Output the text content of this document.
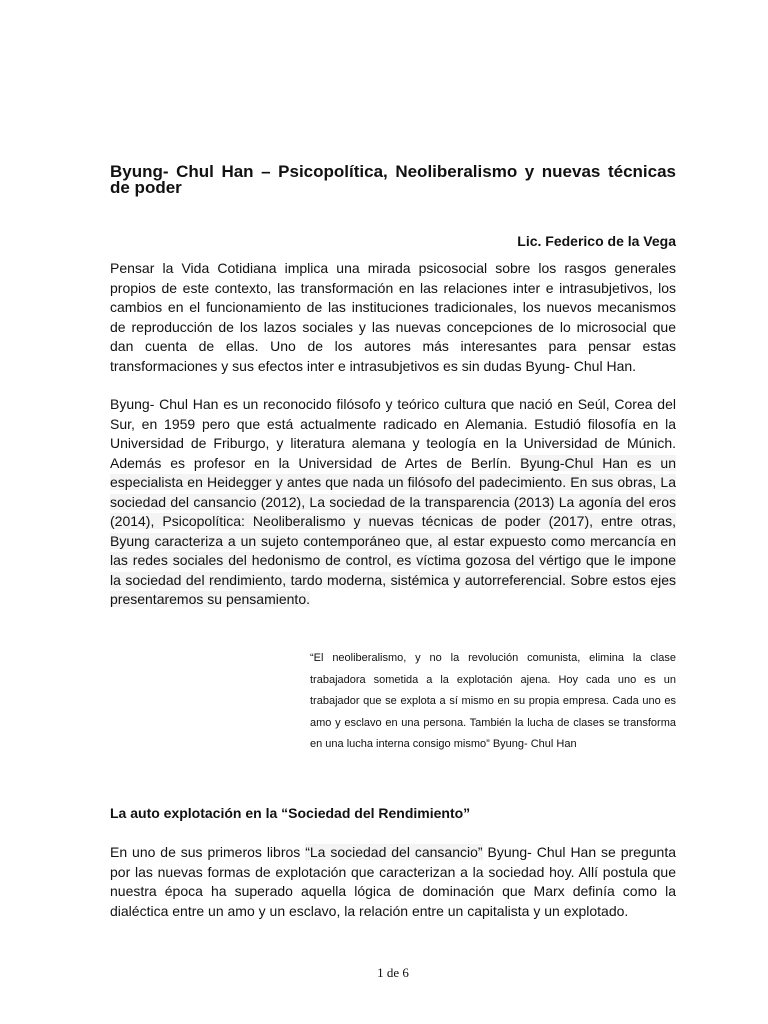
Byung- Chul Han – Psicopolítica, Neoliberalismo y nuevas técnicas de poder
Lic. Federico de la Vega

Pensar la Vida Cotidiana implica una mirada psicosocial sobre los rasgos generales propios de este contexto, las transformación en las relaciones inter e intrasubjetivos, los cambios en el funcionamiento de las instituciones tradicionales, los nuevos mecanismos de reproducción de los lazos sociales y las nuevas concepciones de lo microsocial que dan cuenta de ellas. Uno de los autores más interesantes para pensar estas transformaciones y sus efectos inter e intrasubjetivos es sin dudas Byung- Chul Han.

Byung- Chul Han es un reconocido filósofo y teórico cultura que nació en Seúl, Corea del Sur, en 1959 pero que está actualmente radicado en Alemania. Estudió filosofía en la Universidad de Friburgo, y literatura alemana y teología en la Universidad de Múnich. Además es profesor en la Universidad de Artes de Berlín. Byung-Chul Han es un especialista en Heidegger y antes que nada un filósofo del padecimiento. En sus obras, La sociedad del cansancio (2012), La sociedad de la transparencia (2013) La agonía del eros (2014), Psicopolítica: Neoliberalismo y nuevas técnicas de poder (2017), entre otras, Byung caracteriza a un sujeto contemporáneo que, al estar expuesto como mercancía en las redes sociales del hedonismo de control, es víctima gozosa del vértigo que le impone la sociedad del rendimiento, tardo moderna, sistémica y autorreferencial. Sobre estos ejes presentaremos su pensamiento.

“El neoliberalismo, y no la revolución comunista, elimina la clase trabajadora sometida a la explotación ajena. Hoy cada uno es un trabajador que se explota a sí mismo en su propia empresa. Cada uno es amo y esclavo en una persona. También la lucha de clases se transforma en una lucha interna consigo mismo” Byung- Chul Han

La auto explotación en la “Sociedad del Rendimiento”

En uno de sus primeros libros “La sociedad del cansancio” Byung- Chul Han se pregunta por las nuevas formas de explotación que caracterizan a la sociedad hoy. Allí postula que nuestra época ha superado aquella lógica de dominación que Marx definía como la dialéctica entre un amo y un esclavo, la relación entre un capitalista y un explotado.

1 de 6
